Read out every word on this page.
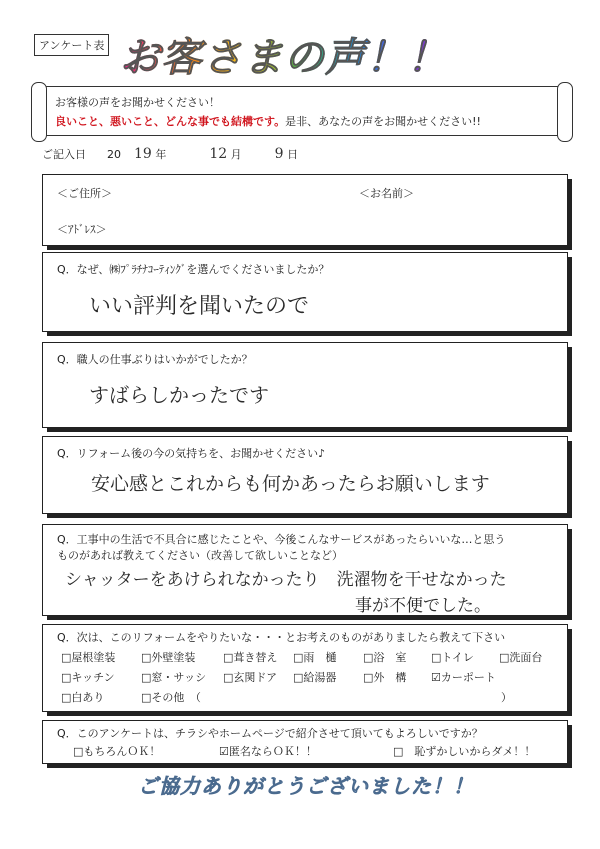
アンケート表 お客さまの声！！
お客様の声をお聞かせください！
良いこと、悪いこと、どんな事でも結構です。是非、あなたの声をお聞かせください!!
ご記入日 20 19 年	12 月 9 日
＜ご住所＞	＜お名前＞
＜ｱﾄﾞﾚｽ＞
Q．なぜ、㈱ﾌﾟﾗﾁﾅｺｰﾃｨﾝｸﾞを選んでくださいましたか？
いい評判を聞いたので
Q．職人の仕事ぶりはいかがでしたか？
すばらしかったです
Q．リフォーム後の今の気持ちを、お聞かせください♪
安心感とこれからも何かあったらお願いします
Q．工事中の生活で不具合に感じたことや、今後こんなサービスがあったらいいな…と思う
ものがあれば教えてください（改善して欲しいことなど）
シャッターをあけられなかったり　洗濯物を干せなかった
事が不便でした。
Q．次は、このリフォームをやりたいな・・・とお考えのものがありましたら教えて下さい
□屋根塗装 □外壁塗装	□葺き替え □雨　樋 □浴　室 □トイレ □洗面台
□キッチン □窓・サッシ □玄関ドア □給湯器 □外　構 ☑カーポート
□白あり	□その他　（	）
Q．このアンケートは、チラシやホームページで紹介させて頂いてもよろしいですか？
□もちろんＯＫ！	☑匿名ならＯＫ！！	□　恥ずかしいからダメ！！
ご協力ありがとうございました！！
